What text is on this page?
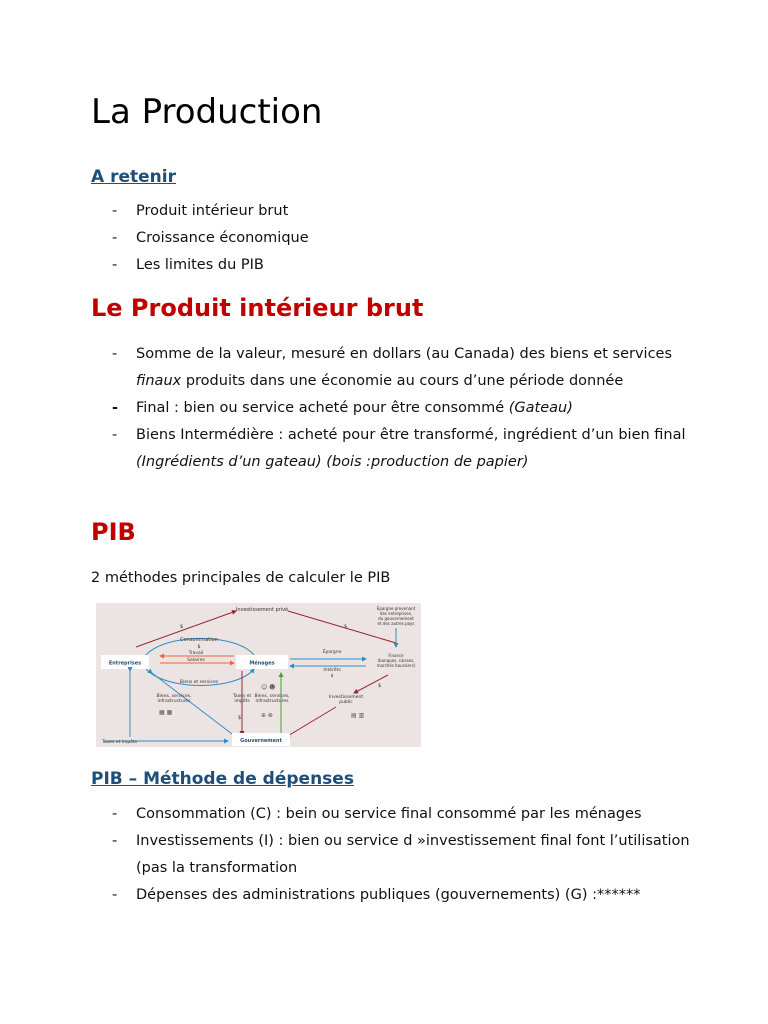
La Production
A retenir
- Produit intérieur brut
- Croissance économique
- Les limites du PIB
Le Produit intérieur brut
- Somme de la valeur, mesuré en dollars (au Canada) des biens et services finaux produits dans une économie au cours d’une période donnée
- Final : bien ou service acheté pour être consommé (Gateau)
- Biens Intermédière : acheté pour être transformé, ingrédient d’un bien final (Ingrédients d’un gateau) (bois :production de papier)
PIB

2 méthodes principales de calculer le PIB

Investissement privé
$	$
Épargne provenant
des entreprises,
du gouvernement
et des autres pays
Consommation
$
Travail
Salaires
Biens et services
Entreprises	Ménages
Épargne
Intérêts
$
Finance
(banques, caisses,
marchés boursiers)
$
Biens, services,
infrastructures
▦ ▦
Taxes et
impôts
$
Biens, services,
infrastructures
☺ ☻
⊕ ⊗
Investissement
public
▤ ▥
Taxes et impôts	Gouvernement
PIB – Méthode de dépenses
- Consommation (C) : bein ou service final consommé par les ménages
- Investissements (I) : bien ou service d »investissement final font l’utilisation (pas la transformation
- Dépenses des administrations publiques (gouvernements) (G) :******
